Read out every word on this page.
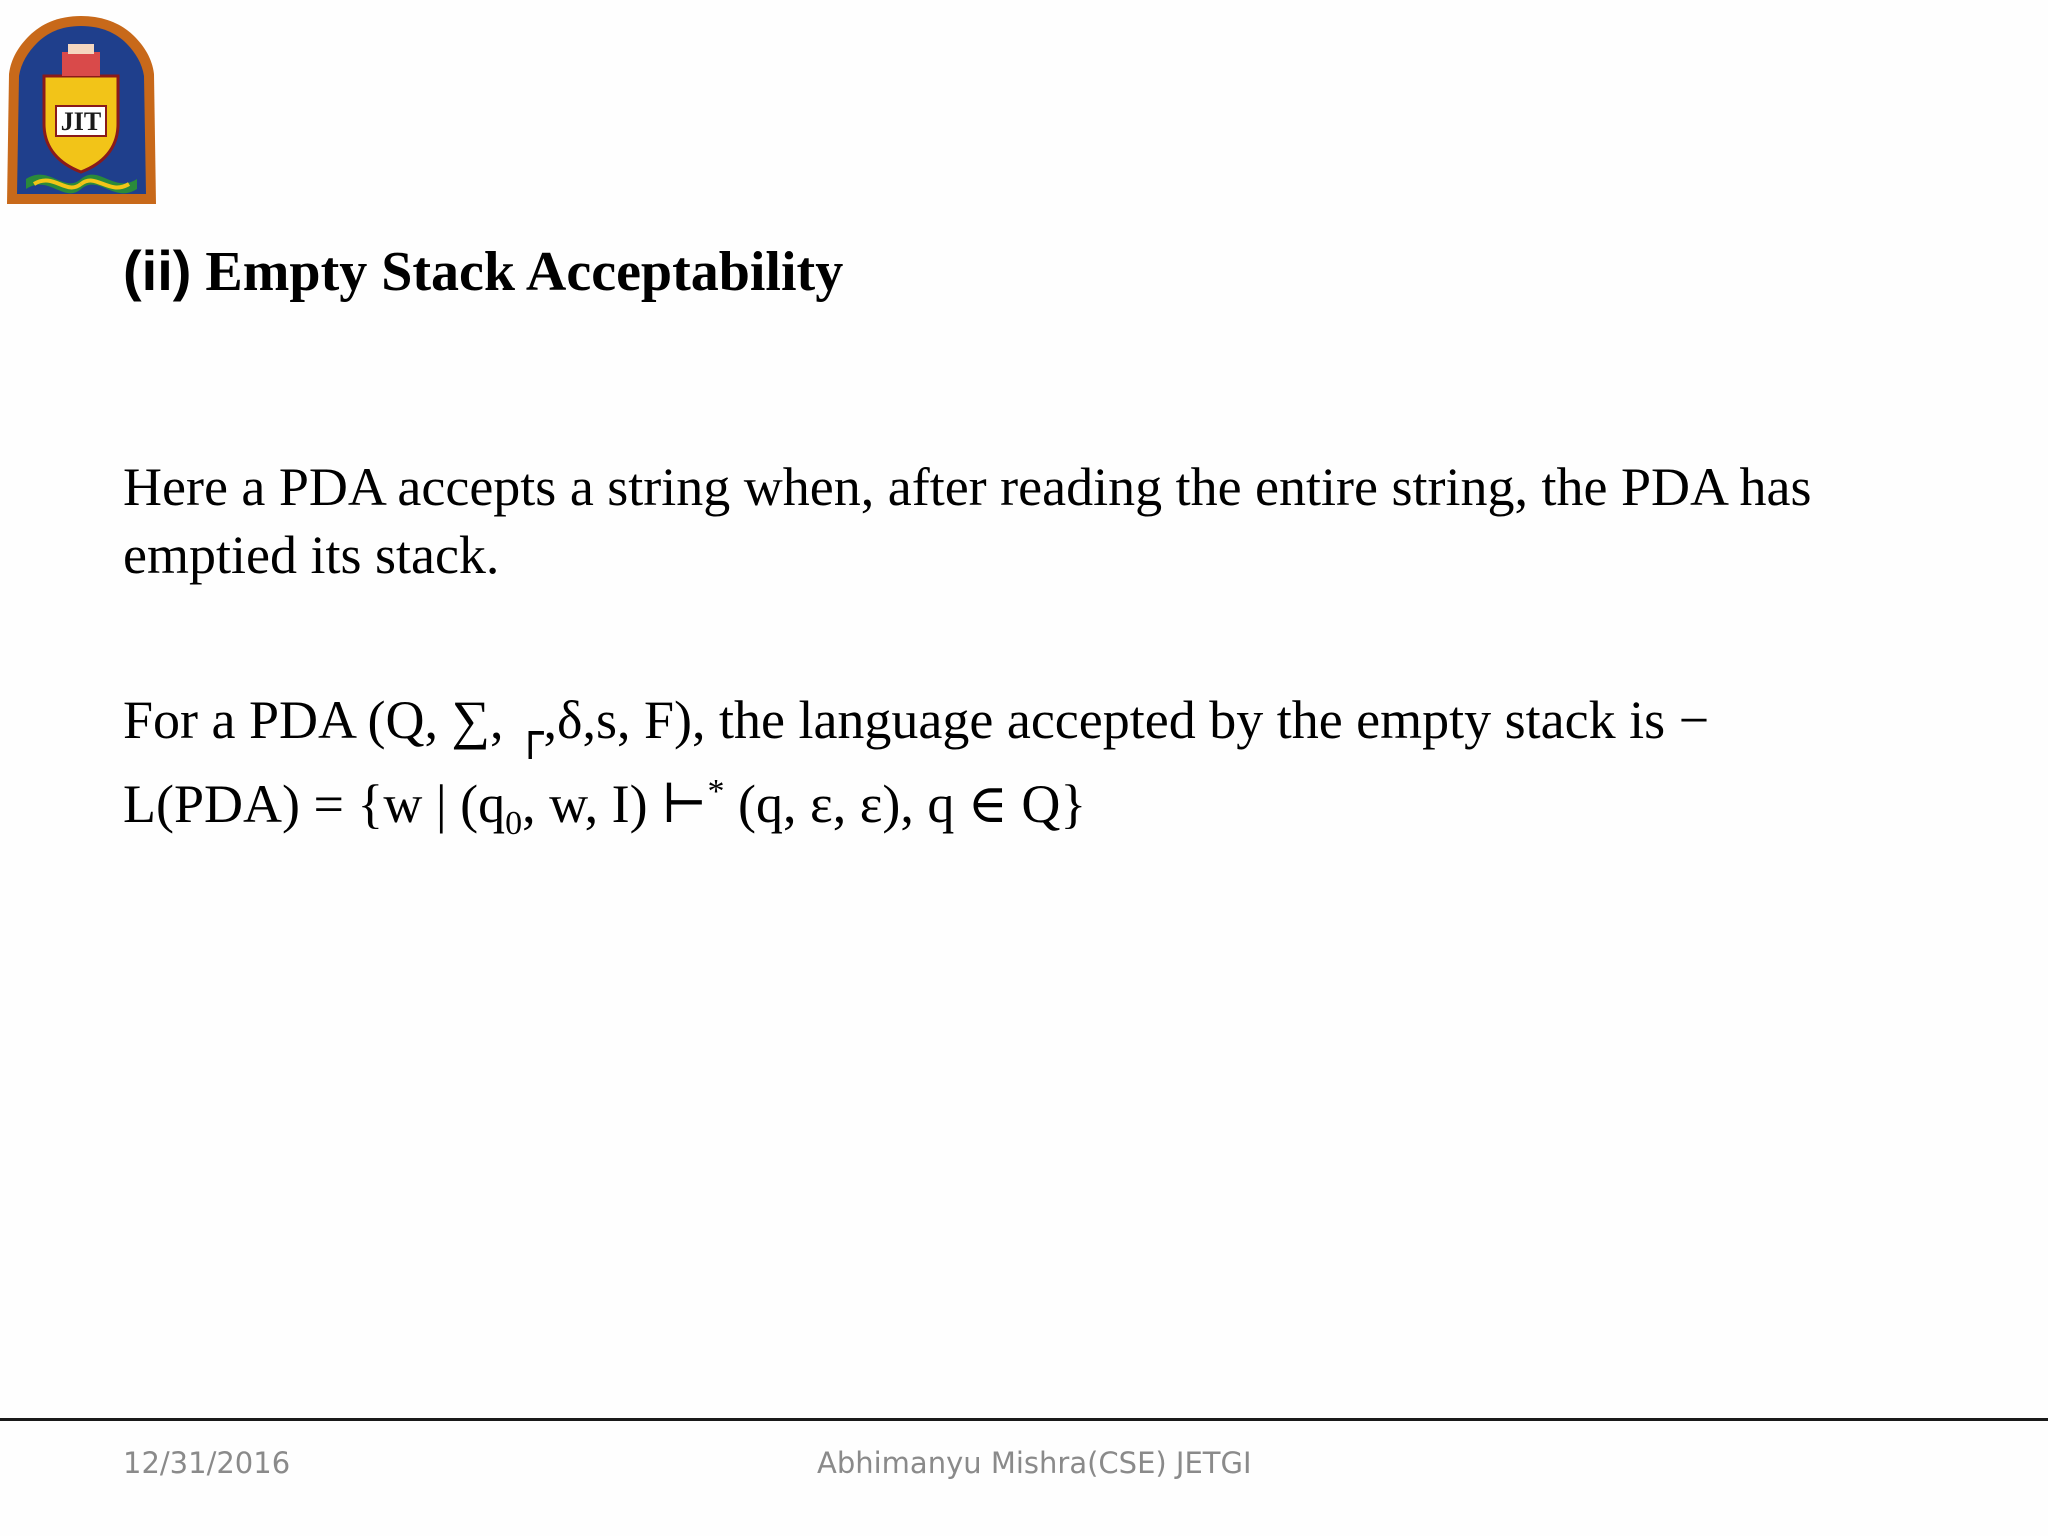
JIT
(ii) Empty Stack Acceptability

Here a PDA accepts a string when, after reading the entire string, the PDA has emptied its stack.

For a PDA (Q, ∑, ┌,δ,s, F), the language accepted by the empty stack is −

L(PDA) = {w | ($q_0$, w, I) ⊢* (q, ε, ε), q ∈ Q}
12/31/2016	Abhimanyu Mishra(CSE) JETGI
